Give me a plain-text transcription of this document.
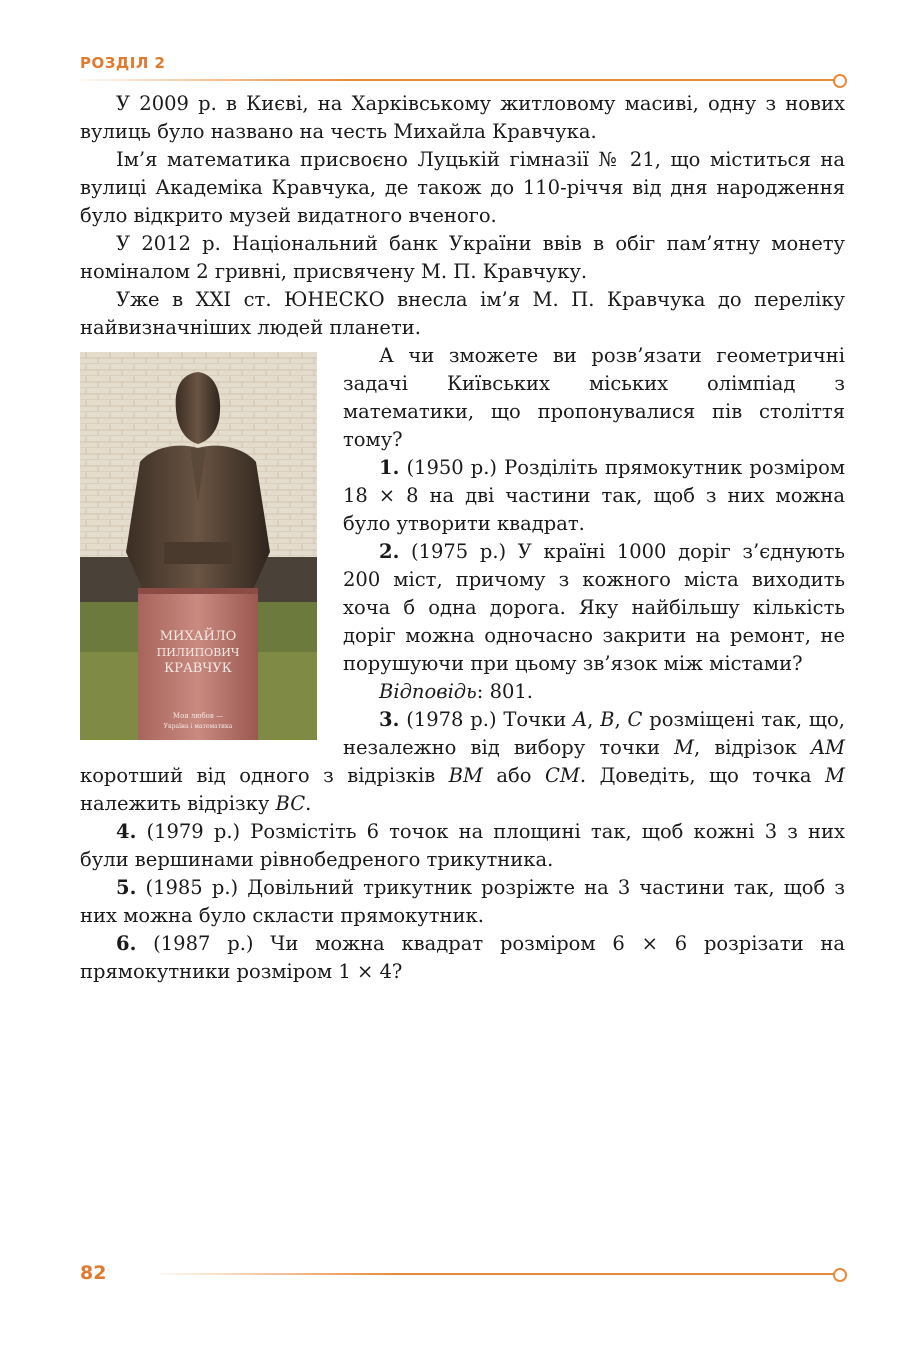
РОЗДІЛ 2

У 2009 р. в Києві, на Харківському житловому масиві, одну з нових вулиць було названо на честь Михайла Кравчука.

Ім’я математика присвоєно Луцькій гімназії № 21, що міститься на вулиці Академіка Кравчука, де також до 110-річчя від дня народження було відкрито музей видатного вченого.

У 2012 р. Національний банк України ввів в обіг пам’ятну монету номіналом 2 гривні, присвячену М. П. Кравчуку.

Уже в XXI ст. ЮНЕСКО внесла ім’я М. П. Кравчука до переліку найвизначніших людей планети.

МИХАЙЛО
ПИЛИПОВИЧ
КРАВЧУК
Моя любов —
Україна і математика

А чи зможете ви розв’язати геометричні задачі Київських міських олімпіад з математики, що пропонувалися пів століття тому?

1. (1950 р.) Розділіть прямокутник розміром 18 × 8 на дві частини так, щоб з них можна було утворити квадрат.

2. (1975 р.) У країні 1000 доріг з’єднують 200 міст, причому з кожного міста виходить хоча б одна дорога. Яку найбільшу кількість доріг можна одночасно закрити на ремонт, не порушуючи при цьому зв’язок між містами?

Відповідь: 801.

3. (1978 р.) Точки A, B, C розміщені так, що, незалежно від вибору точки M, відрізок AM коротший від одного з відрізків BM або CM. Доведіть, що точка M належить відрізку BC.

4. (1979 р.) Розмістіть 6 точок на площині так, щоб кожні 3 з них були вершинами рівнобедреного трикутника.

5. (1985 р.) Довільний трикутник розріжте на 3 частини так, щоб з них можна було скласти прямокутник.

6. (1987 р.) Чи можна квадрат розміром 6 × 6 розрізати на прямокутники розміром 1 × 4?

82
